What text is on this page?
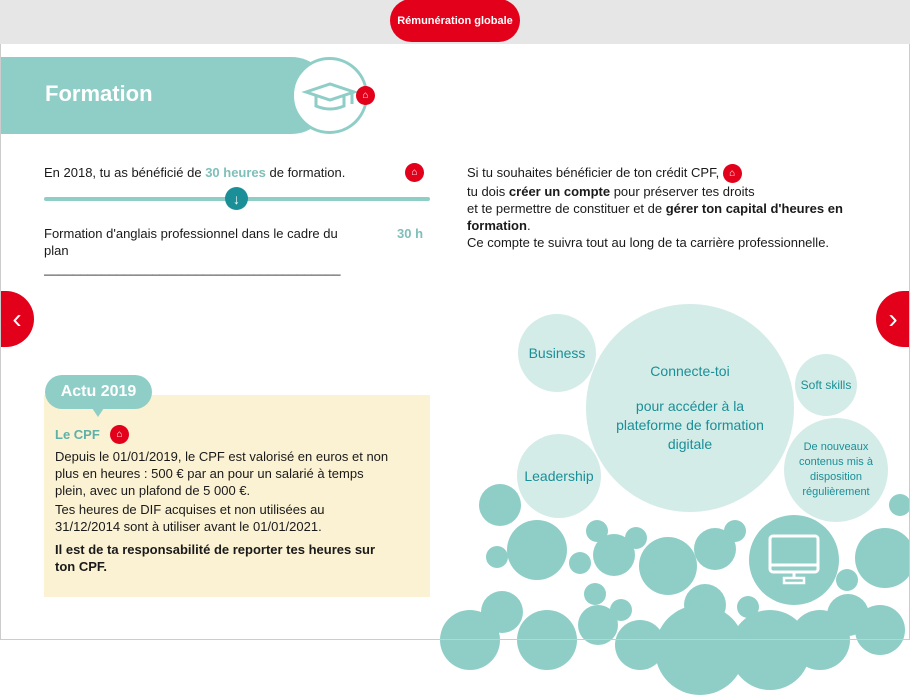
Rémunération globale
Formation	⌂
En 2018, tu as bénéficié de 30 heures de formation.	⌂
↓
Formation d'anglais professionnel dans le cadre du plan
30 h
_________________________________________
Si tu souhaites bénéficier de ton crédit CPF, ⌂
tu dois créer un compte pour préserver tes droits
et te permettre de constituer et de gérer ton capital d'heures en formation.
Ce compte te suivra tout au long de ta carrière professionnelle.
‹	›
Le CPF	⌂
Depuis le 01/01/2019, le CPF est valorisé en euros et non plus en heures : 500 € par an pour un salarié à temps plein, avec un plafond de 5 000 €.
Tes heures de DIF acquises et non utilisées au 31/12/2014 sont à utiliser avant le 01/01/2021.
Il est de ta responsabilité de reporter tes heures sur ton CPF.
Actu 2019
Business
Connecte-toi
pour accéder à la plateforme de formation digitale
Soft skills
Leadership
De nouveaux contenus mis à disposition régulièrement
